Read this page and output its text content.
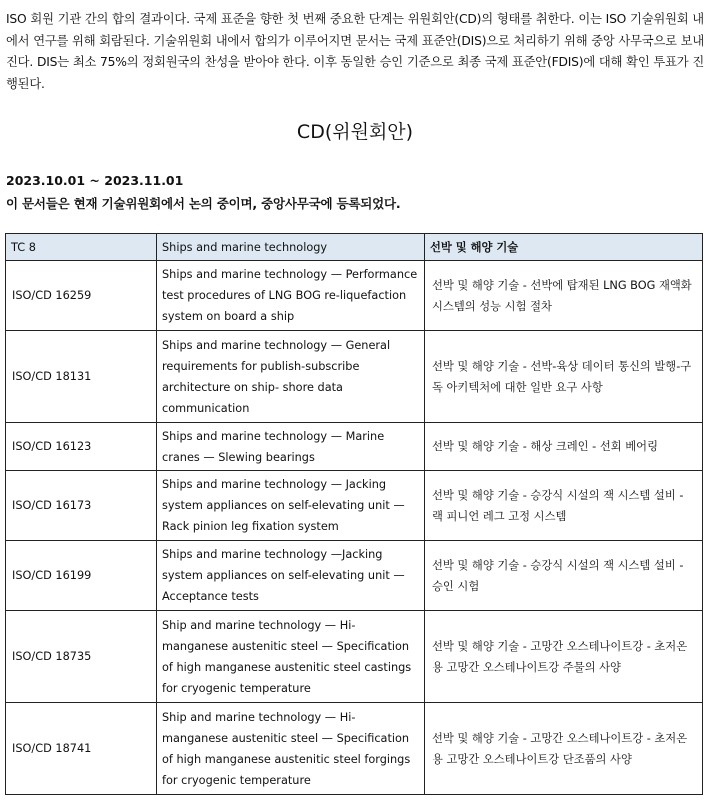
ISO 회원 기관 간의 합의 결과이다. 국제 표준을 향한 첫 번째 중요한 단계는 위원회안(CD)의 형태를 취한다. 이는 ISO 기술위원회 내에서 연구를 위해 회람된다. 기술위원회 내에서 합의가 이루어지면 문서는 국제 표준안(DIS)으로 처리하기 위해 중앙 사무국으로 보내진다. DIS는 최소 75%의 정회원국의 찬성을 받아야 한다. 이후 동일한 승인 기준으로 최종 국제 표준안(FDIS)에 대해 확인 투표가 진행된다.

CD(위원회안)
2023.10.01 ~ 2023.11.01
이 문서들은 현재 기술위원회에서 논의 중이며, 중앙사무국에 등록되었다.
TC 8	Ships and marine technology	선박 및 해양 기술
ISO/CD 16259	Ships and marine technology — Performance test procedures of LNG BOG re-liquefaction system on board a ship	선박 및 해양 기술 - 선박에 탑재된 LNG BOG 재액화 시스템의 성능 시험 절차
ISO/CD 18131	Ships and marine technology — General requirements for publish-subscribe architecture on ship- shore data communication	선박 및 해양 기술 - 선박-육상 데이터 통신의 발행-구독 아키텍처에 대한 일반 요구 사항
ISO/CD 16123	Ships and marine technology — Marine cranes — Slewing bearings	선박 및 해양 기술 - 해상 크레인 - 선회 베어링
ISO/CD 16173	Ships and marine technology — Jacking system appliances on self-elevating unit — Rack pinion leg fixation system	선박 및 해양 기술 - 승강식 시설의 잭 시스템 설비 - 랙 피니언 레그 고정 시스템
ISO/CD 16199	Ships and marine technology —Jacking system appliances on self-elevating unit —Acceptance tests	선박 및 해양 기술 - 승강식 시설의 잭 시스템 설비 - 승인 시험
ISO/CD 18735	Ship and marine technology — Hi-manganese austenitic steel — Specification of high manganese austenitic steel castings for cryogenic temperature	선박 및 해양 기술 - 고망간 오스테나이트강 - 초저온용 고망간 오스테나이트강 주물의 사양
ISO/CD 18741	Ship and marine technology — Hi-manganese austenitic steel — Specification of high manganese austenitic steel forgings for cryogenic temperature	선박 및 해양 기술 - 고망간 오스테나이트강 - 초저온용 고망간 오스테나이트강 단조품의 사양
